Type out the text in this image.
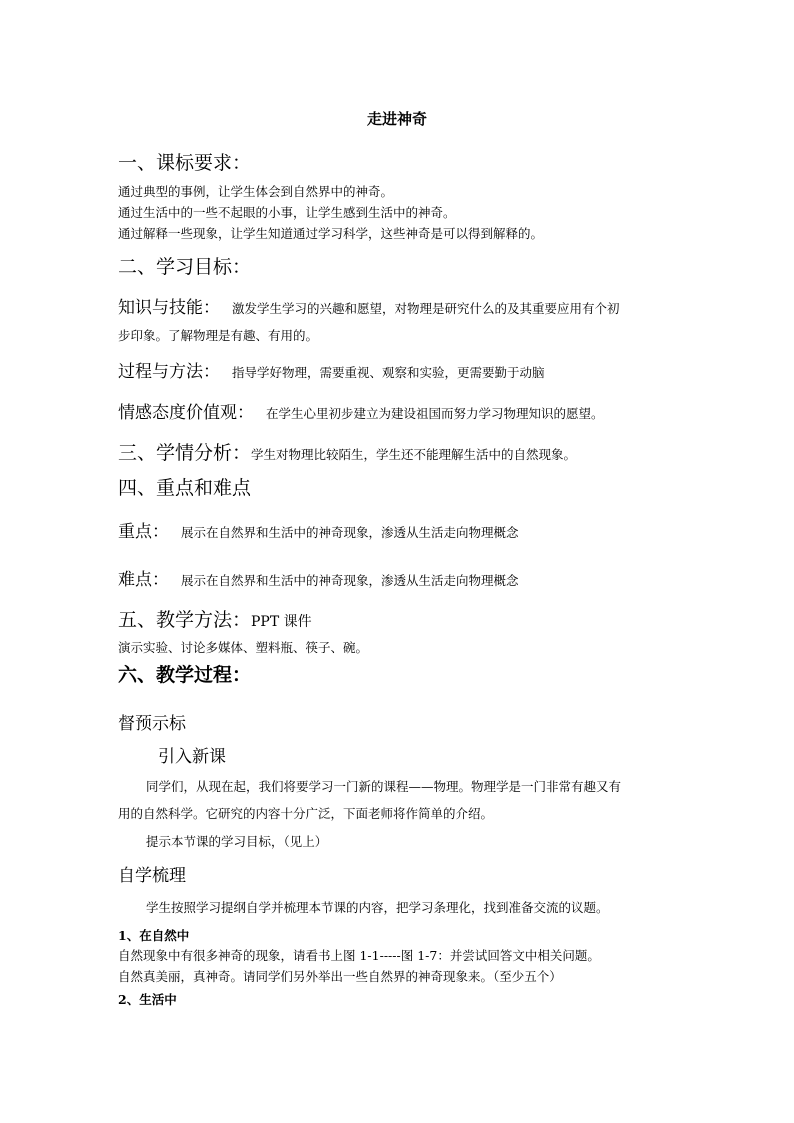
走进神奇
一、课标要求：
通过典型的事例，让学生体会到自然界中的神奇。
通过生活中的一些不起眼的小事，让学生感到生活中的神奇。
通过解释一些现象，让学生知道通过学习科学，这些神奇是可以得到解释的。
二、学习目标：
知识与技能： 激发学生学习的兴趣和愿望，对物理是研究什么的及其重要应用有个初
步印象。了解物理是有趣、有用的。
过程与方法： 指导学好物理，需要重视、观察和实验，更需要勤于动脑
情感态度价值观： 在学生心里初步建立为建设祖国而努力学习物理知识的愿望。
三、学情分析：学生对物理比较陌生，学生还不能理解生活中的自然现象。
四、重点和难点
重点： 展示在自然界和生活中的神奇现象，渗透从生活走向物理概念
难点： 展示在自然界和生活中的神奇现象，渗透从生活走向物理概念
五、教学方法：PPT 课件
演示实验、讨论多媒体、塑料瓶、筷子、碗。
六、教学过程：
督预示标
引入新课
同学们，从现在起，我们将要学习一门新的课程——物理。物理学是一门非常有趣又有
用的自然科学。它研究的内容十分广泛，下面老师将作简单的介绍。
提示本节课的学习目标，（见上）
自学梳理
学生按照学习提纲自学并梳理本节课的内容，把学习条理化，找到准备交流的议题。
1、在自然中
自然现象中有很多神奇的现象，请看书上图 1-1-----图 1-7：并尝试回答文中相关问题。
自然真美丽，真神奇。请同学们另外举出一些自然界的神奇现象来。（至少五个）
2、生活中
